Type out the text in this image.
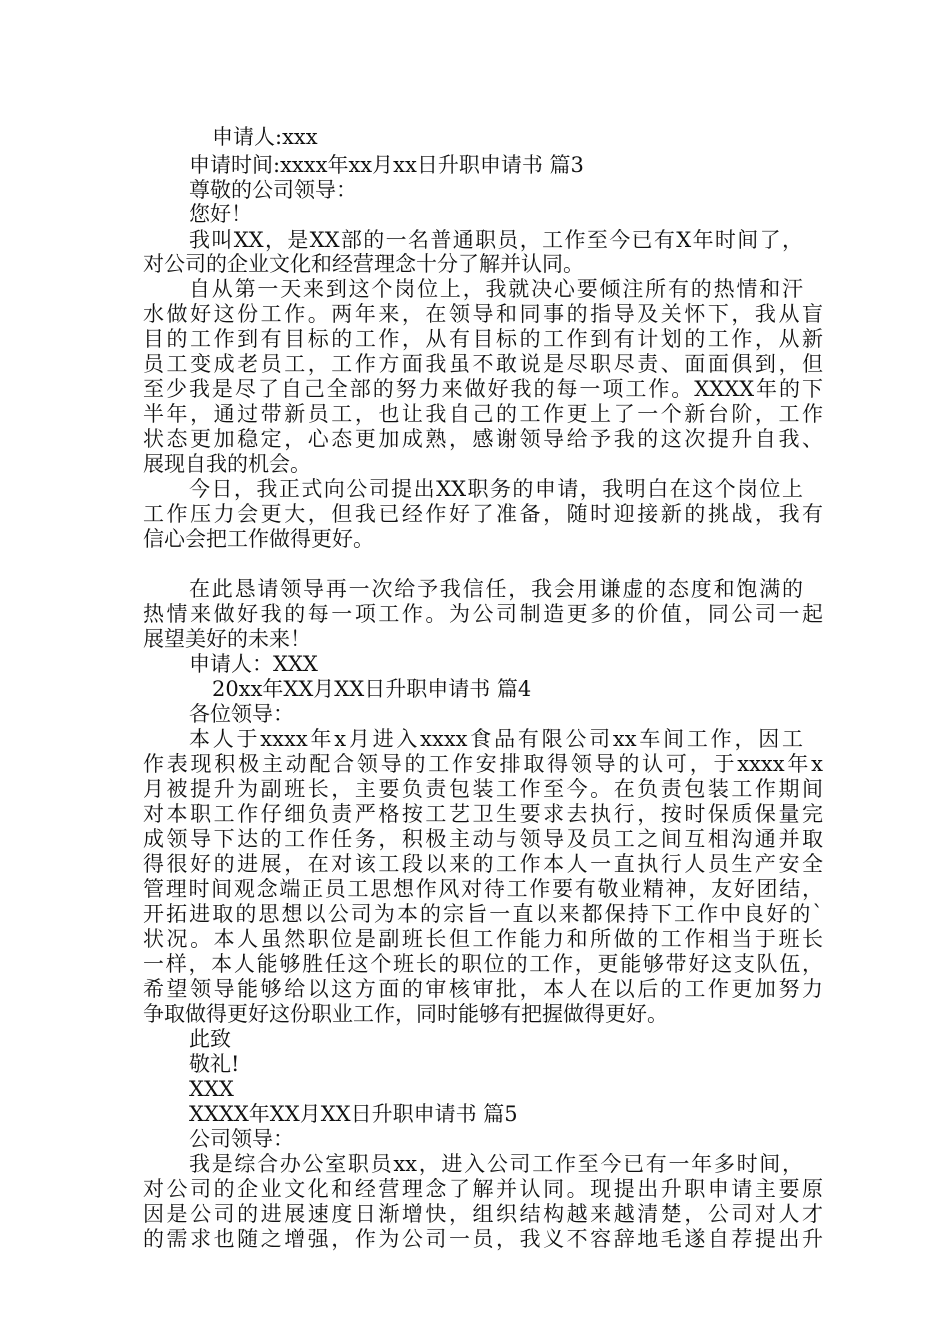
申请人:xxx
申请时间:xxxx年xx月xx日升职申请书 篇3
尊敬的公司领导：
您好！
我叫XX，是XX部的一名普通职员，工作至今已有X年时间了，
对公司的企业文化和经营理念十分了解并认同。
自从第一天来到这个岗位上，我就决心要倾注所有的热情和汗
水做好这份工作。两年来，在领导和同事的指导及关怀下，我从盲
目的工作到有目标的工作，从有目标的工作到有计划的工作，从新
员工变成老员工，工作方面我虽不敢说是尽职尽责、面面俱到，但
至少我是尽了自己全部的努力来做好我的每一项工作。XXXX年的下
半年，通过带新员工，也让我自己的工作更上了一个新台阶，工作
状态更加稳定，心态更加成熟，感谢领导给予我的这次提升自我、
展现自我的机会。
今日，我正式向公司提出XX职务的申请，我明白在这个岗位上
工作压力会更大，但我已经作好了准备，随时迎接新的挑战，我有
信心会把工作做得更好。
在此恳请领导再一次给予我信任，我会用谦虚的态度和饱满的
热情来做好我的每一项工作。为公司制造更多的价值，同公司一起
展望美好的未来！
申请人：XXX
20xx年XX月XX日升职申请书 篇4
各位领导：
本人于xxxx年x月进入xxxx食品有限公司xx车间工作，因工
作表现积极主动配合领导的工作安排取得领导的认可，于xxxx年x
月被提升为副班长，主要负责包装工作至今。在负责包装工作期间
对本职工作仔细负责严格按工艺卫生要求去执行，按时保质保量完
成领导下达的工作任务，积极主动与领导及员工之间互相沟通并取
得很好的进展，在对该工段以来的工作本人一直执行人员生产安全
管理时间观念端正员工思想作风对待工作要有敬业精神，友好团结，
开拓进取的思想以公司为本的宗旨一直以来都保持下工作中良好的`
状况。本人虽然职位是副班长但工作能力和所做的工作相当于班长
一样，本人能够胜任这个班长的职位的工作，更能够带好这支队伍，
希望领导能够给以这方面的审核审批，本人在以后的工作更加努力
争取做得更好这份职业工作，同时能够有把握做得更好。
此致
敬礼!
XXX
XXXX年XX月XX日升职申请书 篇5
公司领导：
我是综合办公室职员xx，进入公司工作至今已有一年多时间，
对公司的企业文化和经营理念了解并认同。现提出升职申请主要原
因是公司的进展速度日渐增快，组织结构越来越清楚，公司对人才
的需求也随之增强，作为公司一员，我义不容辞地毛遂自荐提出升
